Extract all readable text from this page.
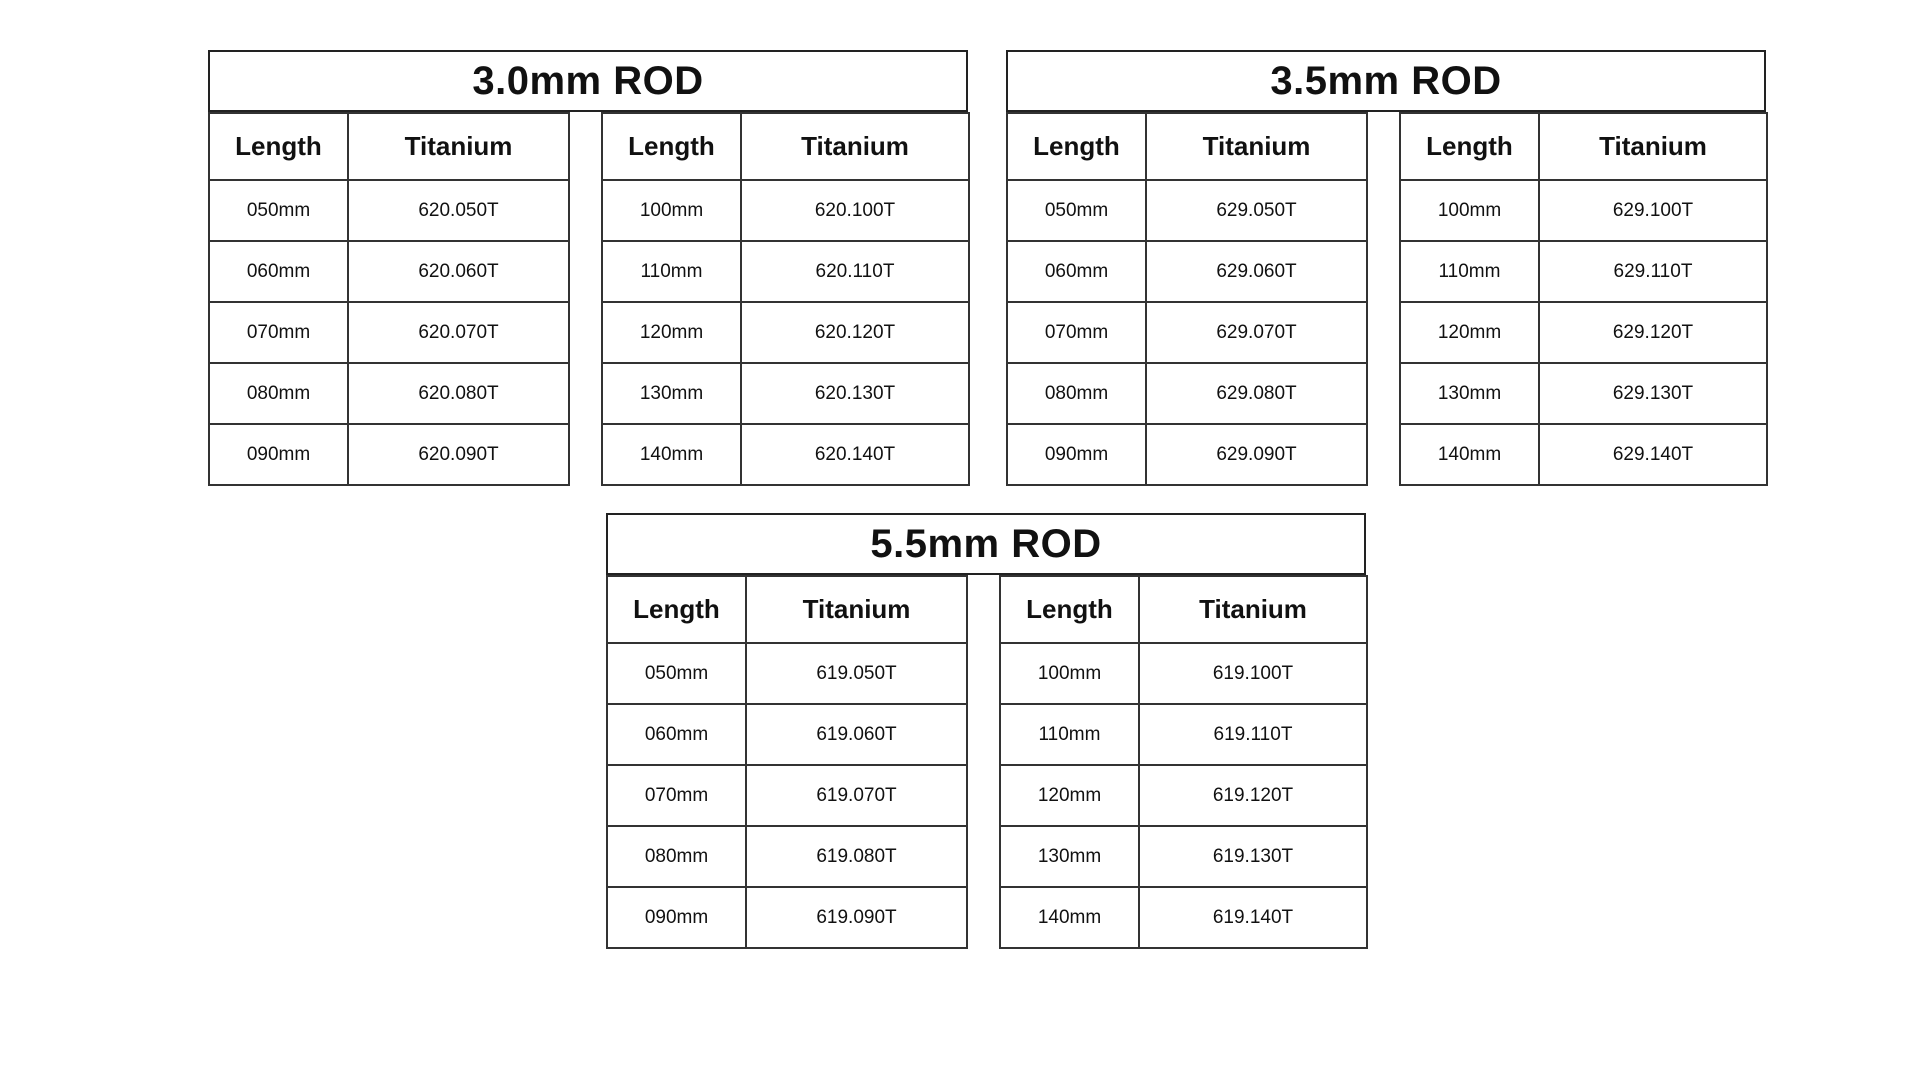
3.0mm ROD
Length	Titanium
050mm	620.050T
060mm	620.060T
070mm	620.070T
080mm	620.080T
090mm	620.090T
Length	Titanium
100mm	620.100T
110mm	620.110T
120mm	620.120T
130mm	620.130T
140mm	620.140T
3.5mm ROD
Length	Titanium
050mm	629.050T
060mm	629.060T
070mm	629.070T
080mm	629.080T
090mm	629.090T
Length	Titanium
100mm	629.100T
110mm	629.110T
120mm	629.120T
130mm	629.130T
140mm	629.140T
5.5mm ROD
Length	Titanium
050mm	619.050T
060mm	619.060T
070mm	619.070T
080mm	619.080T
090mm	619.090T
Length	Titanium
100mm	619.100T
110mm	619.110T
120mm	619.120T
130mm	619.130T
140mm	619.140T
